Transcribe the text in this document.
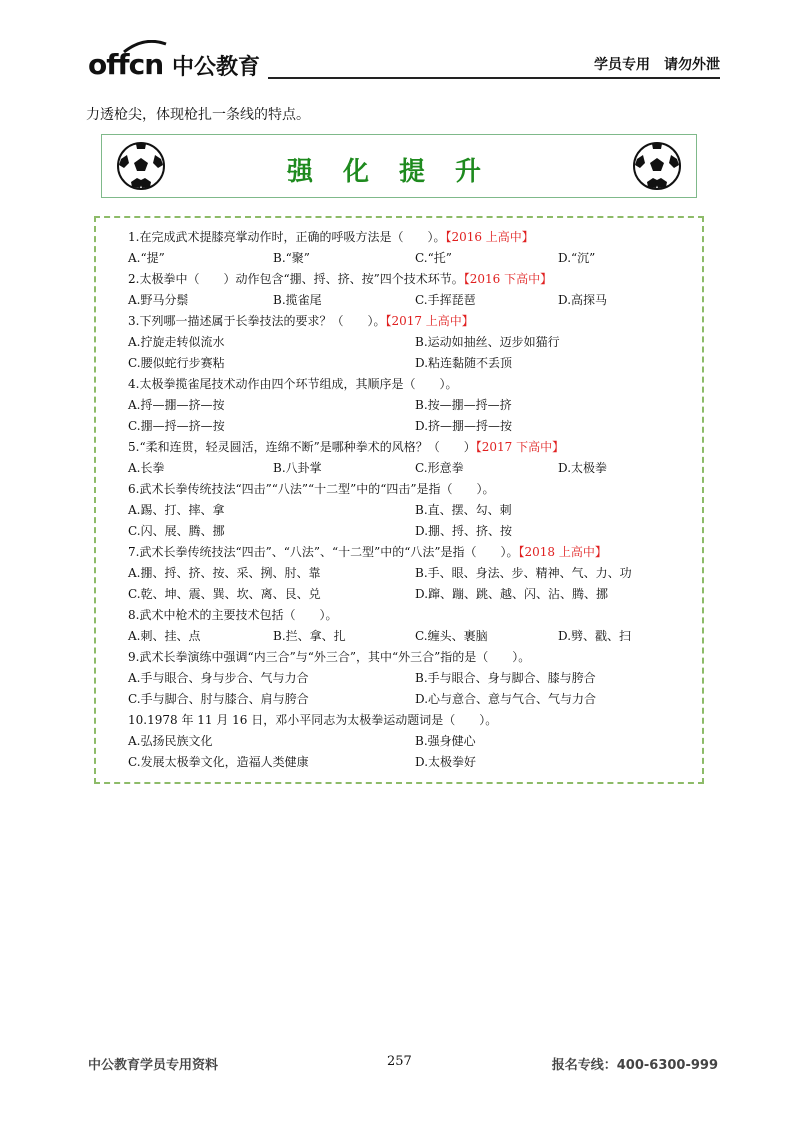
offcn 中公教育	学员专用　请勿外泄
力透枪尖，体现枪扎一条线的特点。
强化提升
1.在完成武术提膝亮掌动作时，正确的呼吸方法是（　　）。【2016 上高中】
A.“提”	B.“聚”	C.“托”	D.“沉”
2.太极拳中（　　）动作包含“掤、捋、挤、按”四个技术环节。【2016 下高中】
A.野马分鬃	B.揽雀尾	C.手挥琵琶	D.高探马
3.下列哪一描述属于长拳技法的要求？（　　）。【2017 上高中】
A.拧旋走转似流水	B.运动如抽丝、迈步如猫行
C.腰似蛇行步赛粘	D.粘连黏随不丢顶
4.太极拳揽雀尾技术动作由四个环节组成，其顺序是（　　）。
A.捋—掤—挤—按	B.按—掤—捋—挤
C.掤—捋—挤—按	D.挤—掤—捋—按
5.“柔和连贯，轻灵圆活，连绵不断”是哪种拳术的风格？（　　）【2017 下高中】
A.长拳	B.八卦掌	C.形意拳	D.太极拳
6.武术长拳传统技法“四击”“八法”“十二型”中的“四击”是指（　　）。
A.踢、打、摔、拿	B.直、摆、勾、刺
C.闪、展、腾、挪	D.掤、捋、挤、按
7.武术长拳传统技法“四击”、“八法”、“十二型”中的“八法”是指（　　）。【2018 上高中】
A.掤、捋、挤、按、采、挒、肘、靠	B.手、眼、身法、步、精神、气、力、功
C.乾、坤、震、巽、坎、离、艮、兑	D.蹿、蹦、跳、越、闪、沾、腾、挪
8.武术中枪术的主要技术包括（　　）。
A.刺、挂、点	B.拦、拿、扎	C.缠头、裹脑	D.劈、戳、扫
9.武术长拳演练中强调“内三合”与“外三合”，其中“外三合”指的是（　　）。
A.手与眼合、身与步合、气与力合	B.手与眼合、身与脚合、膝与胯合
C.手与脚合、肘与膝合、肩与胯合	D.心与意合、意与气合、气与力合
10.1978 年 11 月 16 日，邓小平同志为太极拳运动题词是（　　）。
A.弘扬民族文化	B.强身健心
C.发展太极拳文化，造福人类健康	D.太极拳好
中公教育学员专用资料	257	报名专线：400-6300-999
